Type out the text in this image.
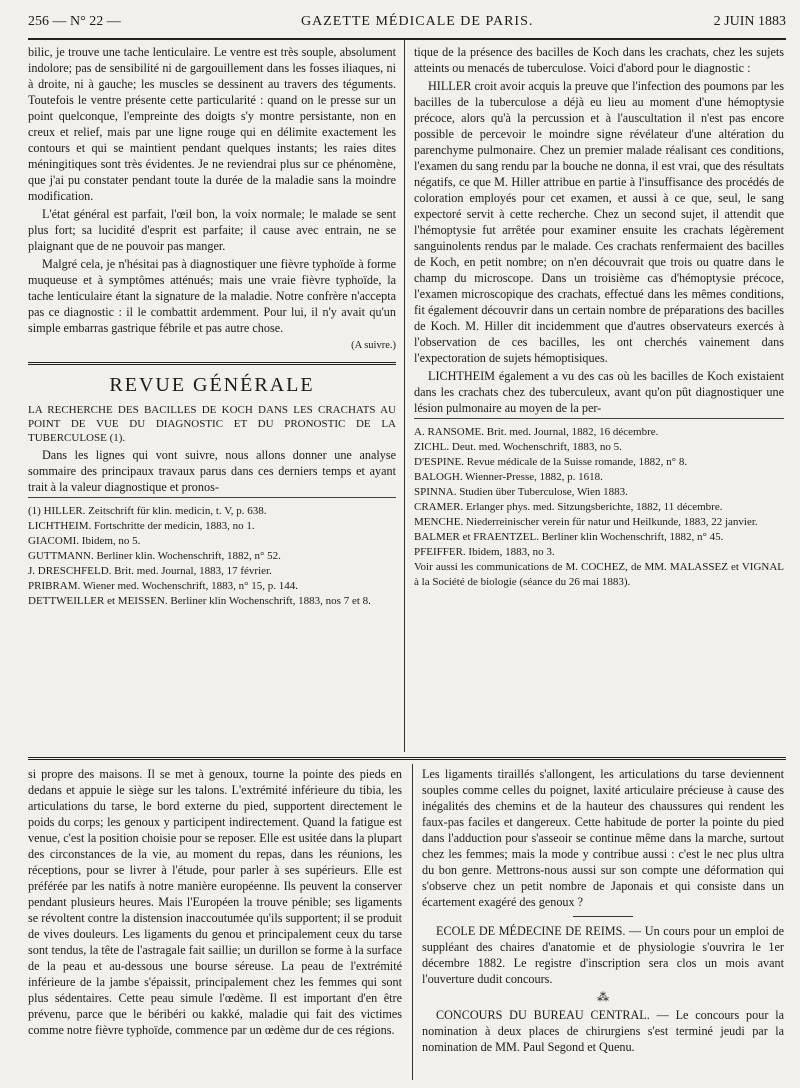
256 — N° 22 —	GAZETTE MÉDICALE DE PARIS.	2 JUIN 1883

bilic, je trouve une tache lenticulaire. Le ventre est très souple, absolument indolore; pas de sensibilité ni de gargouillement dans les fosses iliaques, ni à droite, ni à gauche; les muscles se dessinent au travers des téguments. Toutefois le ventre présente cette particularité : quand on le presse sur un point quelconque, l'empreinte des doigts s'y montre persistante, non en creux et relief, mais par une ligne rouge qui en délimite exactement les contours et qui se maintient pendant quelques instants; les raies dites méningitiques sont très évidentes. Je ne reviendrai plus sur ce phénomène, que j'ai pu constater pendant toute la durée de la maladie sans la moindre modification.

L'état général est parfait, l'œil bon, la voix normale; le malade se sent plus fort; sa lucidité d'esprit est parfaite; il cause avec entrain, ne se plaignant que de ne pouvoir pas manger.

Malgré cela, je n'hésitai pas à diagnostiquer une fièvre typhoïde à forme muqueuse et à symptômes atténués; mais une vraie fièvre typhoïde, la tache lenticulaire étant la signature de la maladie. Notre confrère n'accepta pas ce diagnostic : il le combattit ardemment. Pour lui, il n'y avait qu'un simple embarras gastrique fébrile et pas autre chose.

(A suivre.)
REVUE GÉNÉRALE

LA RECHERCHE DES BACILLES DE KOCH DANS LES CRACHATS AU POINT DE VUE DU DIAGNOSTIC ET DU PRONOSTIC DE LA TUBERCULOSE (1).

Dans les lignes qui vont suivre, nous allons donner une analyse sommaire des principaux travaux parus dans ces derniers temps et ayant trait à la valeur diagnostique et pronos-

(1) HILLER. Zeitschrift für klin. medicin, t. V, p. 638.
LICHTHEIM. Fortschritte der medicin, 1883, no 1.
GIACOMI. Ibidem, no 5.
GUTTMANN. Berliner klin. Wochenschrift, 1882, n° 52.
J. DRESCHFELD. Brit. med. Journal, 1883, 17 février.
PRIBRAM. Wiener med. Wochenschrift, 1883, n° 15, p. 144.
DETTWEILLER et MEISSEN. Berliner klin Wochenschrift, 1883, nos 7 et 8.

tique de la présence des bacilles de Koch dans les crachats, chez les sujets atteints ou menacés de tuberculose. Voici d'abord pour le diagnostic :

HILLER croit avoir acquis la preuve que l'infection des poumons par les bacilles de la tuberculose a déjà eu lieu au moment d'une hémoptysie précoce, alors qu'à la percussion et à l'auscultation il n'est pas encore possible de percevoir le moindre signe révélateur d'une altération du parenchyme pulmonaire. Chez un premier malade réalisant ces conditions, l'examen du sang rendu par la bouche ne donna, il est vrai, que des résultats négatifs, ce que M. Hiller attribue en partie à l'insuffisance des procédés de coloration employés pour cet examen, et aussi à ce que, seul, le sang expectoré servit à cette recherche. Chez un second sujet, il attendit que l'hémoptysie fut arrêtée pour examiner ensuite les crachats légèrement sanguinolents rendus par le malade. Ces crachats renfermaient des bacilles de Koch, en petit nombre; on n'en découvrait que trois ou quatre dans le champ du microscope. Dans un troisième cas d'hémoptysie précoce, l'examen microscopique des crachats, effectué dans les mêmes conditions, fit également découvrir dans un certain nombre de préparations des bacilles de Koch. M. Hiller dit incidemment que d'autres observateurs exercés à l'observation de ces bacilles, les ont cherchés vainement dans l'expectoration de sujets hémoptisiques.

LICHTHEIM également a vu des cas où les bacilles de Koch existaient dans les crachats chez des tuberculeux, avant qu'on pût diagnostiquer une lésion pulmonaire au moyen de la per-

A. RANSOME. Brit. med. Journal, 1882, 16 décembre.
ZICHL. Deut. med. Wochenschrift, 1883, no 5.
D'ESPINE. Revue médicale de la Suisse romande, 1882, n° 8.
BALOGH. Wienner-Presse, 1882, p. 1618.
SPINNA. Studien über Tuberculose, Wien 1883.
CRAMER. Erlanger phys. med. Sitzungsberichte, 1882, 11 décembre.
MENCHE. Niederreinischer verein für natur und Heilkunde, 1883, 22 janvier.
BALMER et FRAENTZEL. Berliner klin Wochenschrift, 1882, n° 45.
PFEIFFER. Ibidem, 1883, no 3.
Voir aussi les communications de M. COCHEZ, de MM. MALASSEZ et VIGNAL à la Société de biologie (séance du 26 mai 1883).

si propre des maisons. Il se met à genoux, tourne la pointe des pieds en dedans et appuie le siège sur les talons. L'extrémité inférieure du tibia, les articulations du tarse, le bord externe du pied, supportent directement le poids du corps; les genoux y participent indirectement. Quand la fatigue est venue, c'est la position choisie pour se reposer. Elle est usitée dans la plupart des circonstances de la vie, au moment du repas, dans les réunions, les réceptions, pour se livrer à l'étude, pour parler à ses supérieurs. Elle est préférée par les natifs à notre manière européenne. Ils peuvent la conserver pendant plusieurs heures. Mais l'Européen la trouve pénible; ses ligaments se révoltent contre la distension inaccoutumée qu'ils supportent; il se produit de vives douleurs. Les ligaments du genou et principalement ceux du tarse sont tendus, la tête de l'astragale fait saillie; un durillon se forme à la surface de la peau et au-dessous une bourse séreuse. La peau de l'extrémité inférieure de la jambe s'épaissit, principalement chez les femmes qui sont plus sédentaires. Cette peau simule l'œdème. Il est important d'en être prévenu, parce que le béribéri ou kakké, maladie qui fait des victimes comme notre fièvre typhoïde, commence par un œdème dur de ces régions.

Les ligaments tiraillés s'allongent, les articulations du tarse deviennent souples comme celles du poignet, laxité articulaire précieuse à cause des inégalités des chemins et de la hauteur des chaussures qui rendent les faux-pas faciles et dangereux. Cette habitude de porter la pointe du pied dans l'adduction pour s'asseoir se continue même dans la marche, surtout chez les femmes; mais la mode y contribue aussi : c'est le nec plus ultra du bon genre. Mettrons-nous aussi sur son compte une déformation qui s'observe chez un petit nombre de Japonais et qui consiste dans un écartement exagéré des genoux ?

ECOLE DE MÉDECINE DE REIMS. — Un cours pour un emploi de suppléant des chaires d'anatomie et de physiologie s'ouvrira le 1er décembre 1882. Le registre d'inscription sera clos un mois avant l'ouverture dudit concours.

⁂

CONCOURS DU BUREAU CENTRAL. — Le concours pour la nomination à deux places de chirurgiens s'est terminé jeudi par la nomination de MM. Paul Segond et Quenu.
